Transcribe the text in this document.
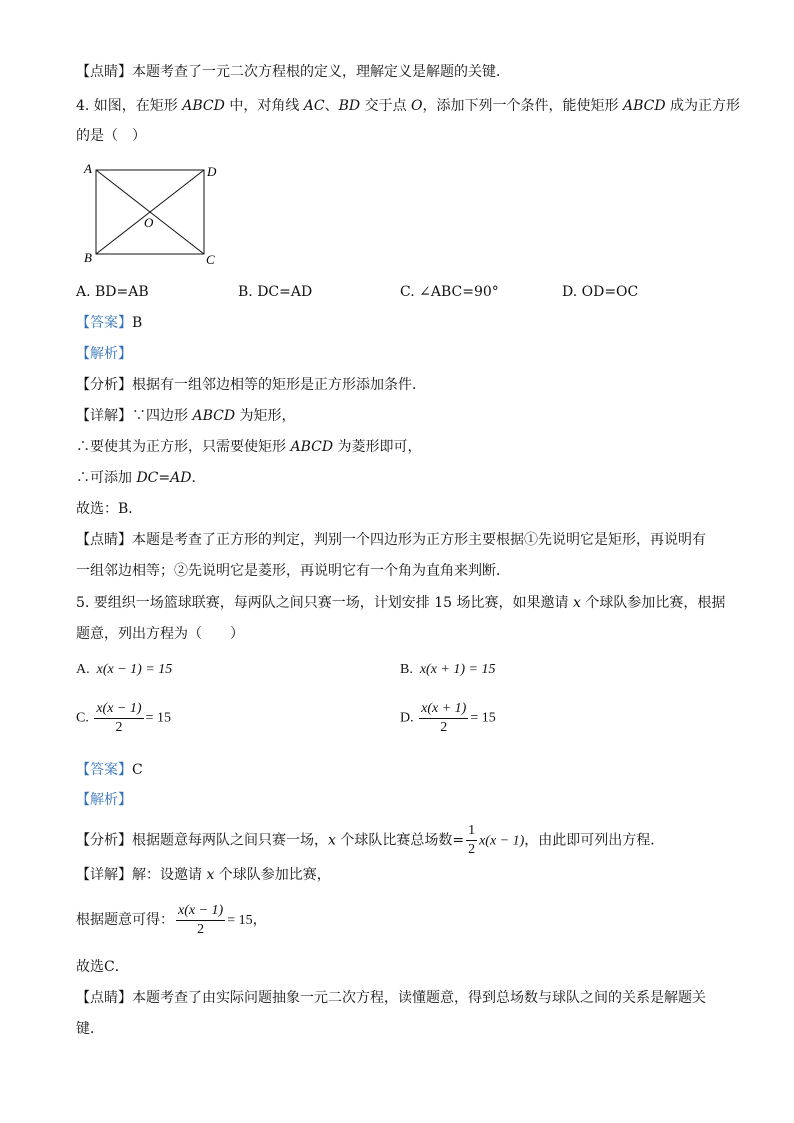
【点睛】本题考查了一元二次方程根的定义，理解定义是解题的关键．
4. 如图，在矩形 ABCD 中，对角线 AC、BD 交于点 O，添加下列一个条件，能使矩形 ABCD 成为正方形
的是（　）
A	D
O
B	C
A. BD=AB	B. DC=AD	C. ∠ABC=90°	D. OD=OC
【答案】B
【解析】
【分析】根据有一组邻边相等的矩形是正方形添加条件．
【详解】∵四边形 ABCD 为矩形，
∴要使其为正方形，只需要使矩形 ABCD 为菱形即可，
∴可添加 DC=AD．
故选：B．
【点睛】本题是考查了正方形的判定，判别一个四边形为正方形主要根据①先说明它是矩形，再说明有
一组邻边相等；②先说明它是菱形，再说明它有一个角为直角来判断．
5. 要组织一场篮球联赛，每两队之间只赛一场，计划安排 15 场比赛，如果邀请 x 个球队参加比赛，根据
题意，列出方程为（　　）
A. x(x − 1) = 15	B. x(x + 1) = 15
C. $\frac{x(x - 1)}{2} = 15$	D. $\frac{x(x + 1)}{2} = 15$
【答案】C
【解析】
【分析】根据题意每两队之间只赛一场，x 个球队比赛总场数= $\frac{1}{2} x(x - 1)$，由此即可列出方程．
【详解】解：设邀请 x 个球队参加比赛，
根据题意可得： $\frac{x(x - 1)}{2} = 15$，
故选C．
【点睛】本题考查了由实际问题抽象一元二次方程，读懂题意，得到总场数与球队之间的关系是解题关
键．
